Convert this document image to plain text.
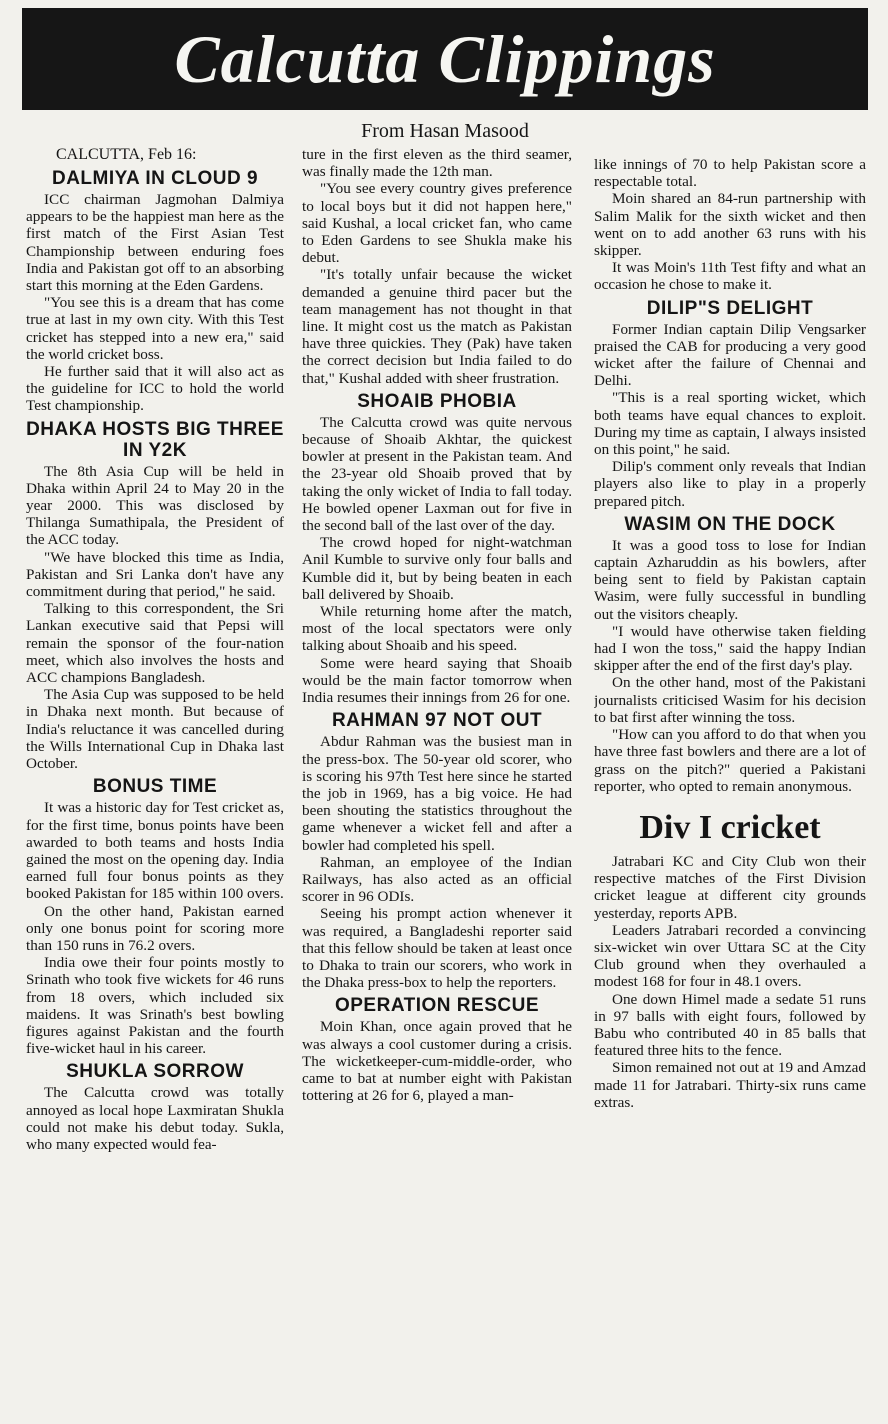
Calcutta Clippings
From Hasan Masood

CALCUTTA, Feb 16:

DALMIYA IN CLOUD 9

ICC chairman Jagmohan Dalmiya appears to be the happiest man here as the first match of the First Asian Test Championship between enduring foes India and Pakistan got off to an absorbing start this morning at the Eden Gardens.

"You see this is a dream that has come true at last in my own city. With this Test cricket has stepped into a new era," said the world cricket boss.

He further said that it will also act as the guideline for ICC to hold the world Test championship.

DHAKA HOSTS BIG THREE IN Y2K

The 8th Asia Cup will be held in Dhaka within April 24 to May 20 in the year 2000. This was disclosed by Thilanga Sumathipala, the President of the ACC today.

"We have blocked this time as India, Pakistan and Sri Lanka don't have any commitment during that period," he said.

Talking to this correspondent, the Sri Lankan executive said that Pepsi will remain the sponsor of the four-nation meet, which also involves the hosts and ACC champions Bangladesh.

The Asia Cup was supposed to be held in Dhaka next month. But because of India's reluctance it was cancelled during the Wills International Cup in Dhaka last October.

BONUS TIME

It was a historic day for Test cricket as, for the first time, bonus points have been awarded to both teams and hosts India gained the most on the opening day. India earned full four bonus points as they booked Pakistan for 185 within 100 overs.

On the other hand, Pakistan earned only one bonus point for scoring more than 150 runs in 76.2 overs.

India owe their four points mostly to Srinath who took five wickets for 46 runs from 18 overs, which included six maidens. It was Srinath's best bowling figures against Pakistan and the fourth five-wicket haul in his career.

SHUKLA SORROW

The Calcutta crowd was totally annoyed as local hope Laxmiratan Shukla could not make his debut today. Sukla, who many expected would fea-

ture in the first eleven as the third seamer, was finally made the 12th man.

"You see every country gives preference to local boys but it did not happen here," said Kushal, a local cricket fan, who came to Eden Gardens to see Shukla make his debut.

"It's totally unfair because the wicket demanded a genuine third pacer but the team management has not thought in that line. It might cost us the match as Pakistan have three quickies. They (Pak) have taken the correct decision but India failed to do that," Kushal added with sheer frustration.

SHOAIB PHOBIA

The Calcutta crowd was quite nervous because of Shoaib Akhtar, the quickest bowler at present in the Pakistan team. And the 23-year old Shoaib proved that by taking the only wicket of India to fall today. He bowled opener Laxman out for five in the second ball of the last over of the day.

The crowd hoped for night-watchman Anil Kumble to survive only four balls and Kumble did it, but by being beaten in each ball delivered by Shoaib.

While returning home after the match, most of the local spectators were only talking about Shoaib and his speed.

Some were heard saying that Shoaib would be the main factor tomorrow when India resumes their innings from 26 for one.

RAHMAN 97 NOT OUT

Abdur Rahman was the busiest man in the press-box. The 50-year old scorer, who is scoring his 97th Test here since he started the job in 1969, has a big voice. He had been shouting the statistics throughout the game whenever a wicket fell and after a bowler had completed his spell.

Rahman, an employee of the Indian Railways, has also acted as an official scorer in 96 ODIs.

Seeing his prompt action whenever it was required, a Bangladeshi reporter said that this fellow should be taken at least once to Dhaka to train our scorers, who work in the Dhaka press-box to help the reporters.

OPERATION RESCUE

Moin Khan, once again proved that he was always a cool customer during a crisis. The wicketkeeper-cum-middle-order, who came to bat at number eight with Pakistan tottering at 26 for 6, played a man-

like innings of 70 to help Pakistan score a respectable total.

Moin shared an 84-run partnership with Salim Malik for the sixth wicket and then went on to add another 63 runs with his skipper.

It was Moin's 11th Test fifty and what an occasion he chose to make it.

DILIP"S DELIGHT

Former Indian captain Dilip Vengsarker praised the CAB for producing a very good wicket after the failure of Chennai and Delhi.

"This is a real sporting wicket, which both teams have equal chances to exploit. During my time as captain, I always insisted on this point," he said.

Dilip's comment only reveals that Indian players also like to play in a properly prepared pitch.

WASIM ON THE DOCK

It was a good toss to lose for Indian captain Azharuddin as his bowlers, after being sent to field by Pakistan captain Wasim, were fully successful in bundling out the visitors cheaply.

"I would have otherwise taken fielding had I won the toss," said the happy Indian skipper after the end of the first day's play.

On the other hand, most of the Pakistani journalists criticised Wasim for his decision to bat first after winning the toss.

"How can you afford to do that when you have three fast bowlers and there are a lot of grass on the pitch?" queried a Pakistani reporter, who opted to remain anonymous.

Div I cricket

Jatrabari KC and City Club won their respective matches of the First Division cricket league at different city grounds yesterday, reports APB.

Leaders Jatrabari recorded a convincing six-wicket win over Uttara SC at the City Club ground when they overhauled a modest 168 for four in 48.1 overs.

One down Himel made a sedate 51 runs in 97 balls with eight fours, followed by Babu who contributed 40 in 85 balls that featured three hits to the fence.

Simon remained not out at 19 and Amzad made 11 for Jatrabari. Thirty-six runs came extras.
